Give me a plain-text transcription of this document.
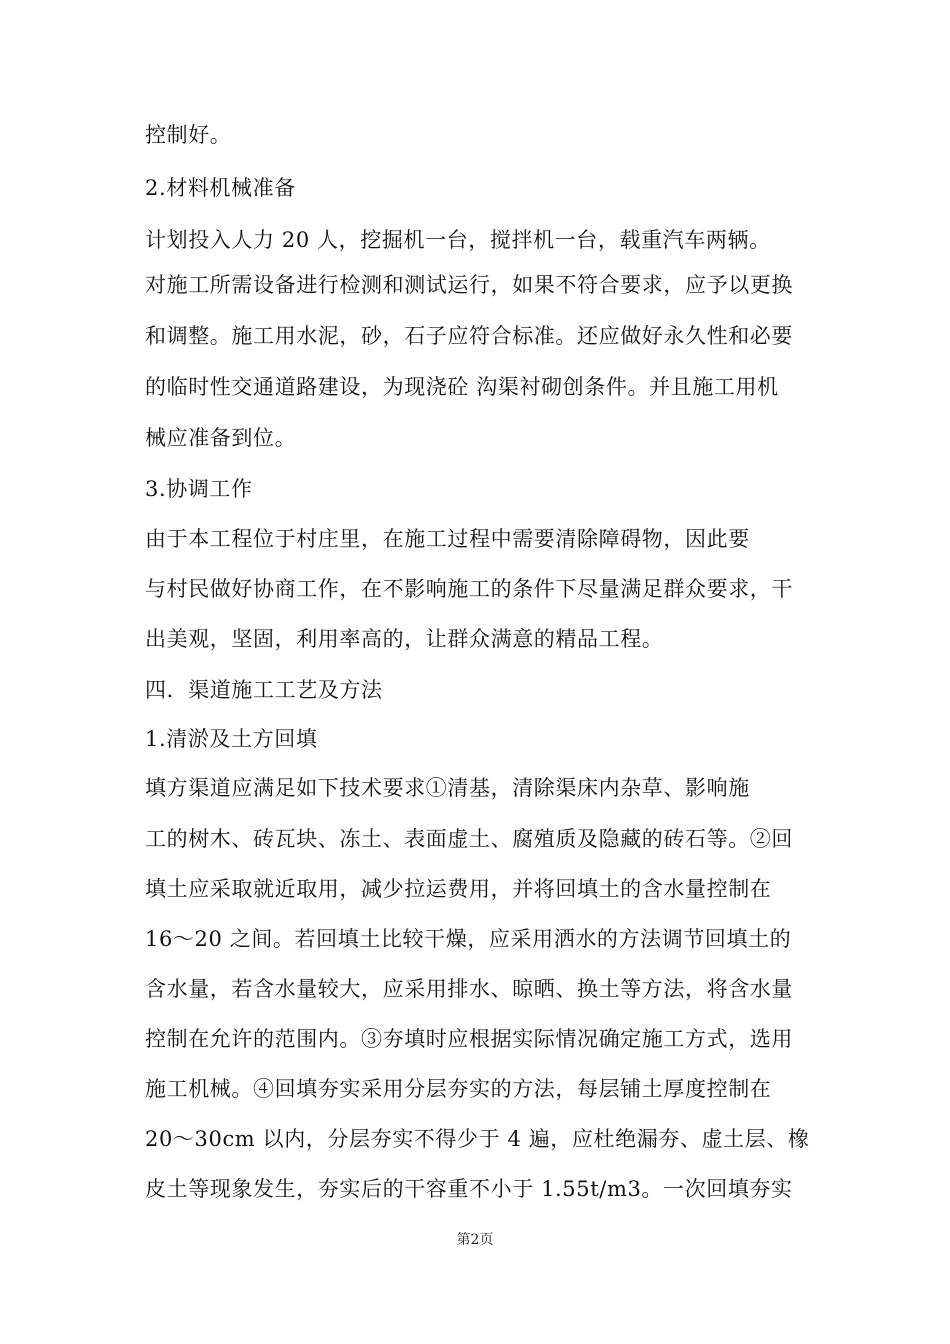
控制好。
2.材料机械准备
计划投入人力 20 人，挖掘机一台，搅拌机一台，载重汽车两辆。
对施工所需设备进行检测和测试运行，如果不符合要求，应予以更换
和调整。施工用水泥，砂，石子应符合标准。还应做好永久性和必要
的临时性交通道路建设，为现浇砼 沟渠衬砌创条件。并且施工用机
械应准备到位。
3.协调工作
由于本工程位于村庄里，在施工过程中需要清除障碍物，因此要
与村民做好协商工作，在不影响施工的条件下尽量满足群众要求，干
出美观，坚固，利用率高的，让群众满意的精品工程。
四．渠道施工工艺及方法
1.清淤及土方回填
填方渠道应满足如下技术要求①清基，清除渠床内杂草、影响施
工的树木、砖瓦块、冻土、表面虚土、腐殖质及隐藏的砖石等。②回
填土应采取就近取用，减少拉运费用，并将回填土的含水量控制在
16～20 之间。若回填土比较干燥，应采用洒水的方法调节回填土的
含水量，若含水量较大，应采用排水、晾晒、换土等方法，将含水量
控制在允许的范围内。③夯填时应根据实际情况确定施工方式，选用
施工机械。④回填夯实采用分层夯实的方法，每层铺土厚度控制在
20～30cm 以内，分层夯实不得少于 4 遍，应杜绝漏夯、虚土层、橡
皮土等现象发生，夯实后的干容重不小于 1.55t/m3。一次回填夯实
第2页
